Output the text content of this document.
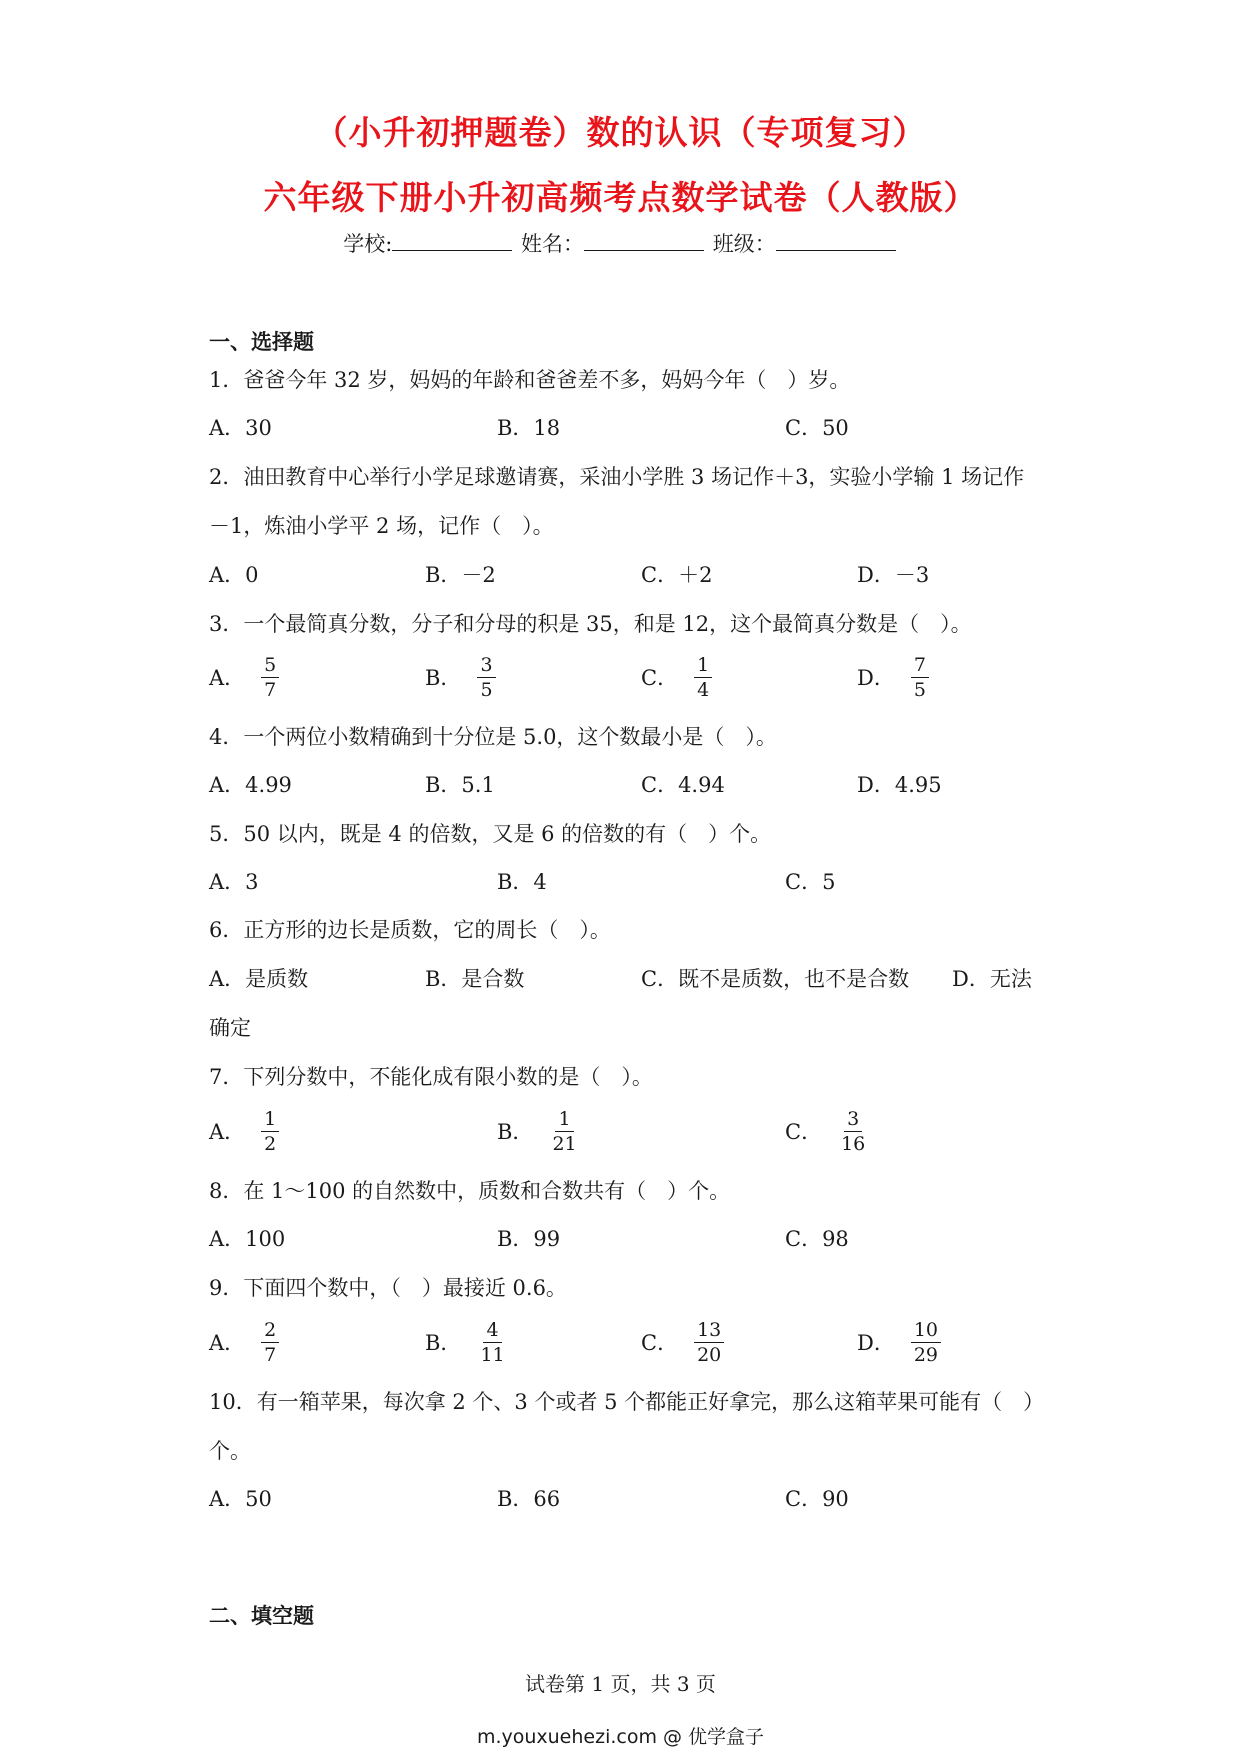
（小升初押题卷）数的认识（专项复习）
六年级下册小升初高频考点数学试卷（人教版）
学校:	姓名：	班级：
一、选择题
1．爸爸今年 32 岁，妈妈的年龄和爸爸差不多，妈妈今年（　）岁。
A．30	B．18	C．50
2．油田教育中心举行小学足球邀请赛，采油小学胜 3 场记作＋3，实验小学输 1 场记作
－1，炼油小学平 2 场，记作（　）。
A．0	B．－2	C．＋2	D．－3
3．一个最简真分数，分子和分母的积是 35，和是 12，这个最简真分数是（　）。
A． $\frac{5}{7}$	B． $\frac{3}{5}$	C． $\frac{1}{4}$	D． $\frac{7}{5}$
4．一个两位小数精确到十分位是 5.0，这个数最小是（　）。
A．4.99	B．5.1	C．4.94	D．4.95
5．50 以内，既是 4 的倍数，又是 6 的倍数的有（　）个。
A．3	B．4	C．5
6．正方形的边长是质数，它的周长（　）。
A．是质数	B．是合数	C．既不是质数，也不是合数 D．无法
确定
7．下列分数中，不能化成有限小数的是（　）。
A． $\frac{1}{2}$	B． $\frac{1}{21}$	C． $\frac{3}{16}$
8．在 1～100 的自然数中，质数和合数共有（　）个。
A．100	B．99	C．98
9．下面四个数中，（　）最接近 0.6。
A． $\frac{2}{7}$	B． $\frac{4}{11}$	C． $\frac{13}{20}$	D． $\frac{10}{29}$
10．有一箱苹果，每次拿 2 个、3 个或者 5 个都能正好拿完，那么这箱苹果可能有（　）
个。
A．50	B．66	C．90
二、填空题
试卷第 1 页，共 3 页
m.youxuehezi.com @ 优学盒子
